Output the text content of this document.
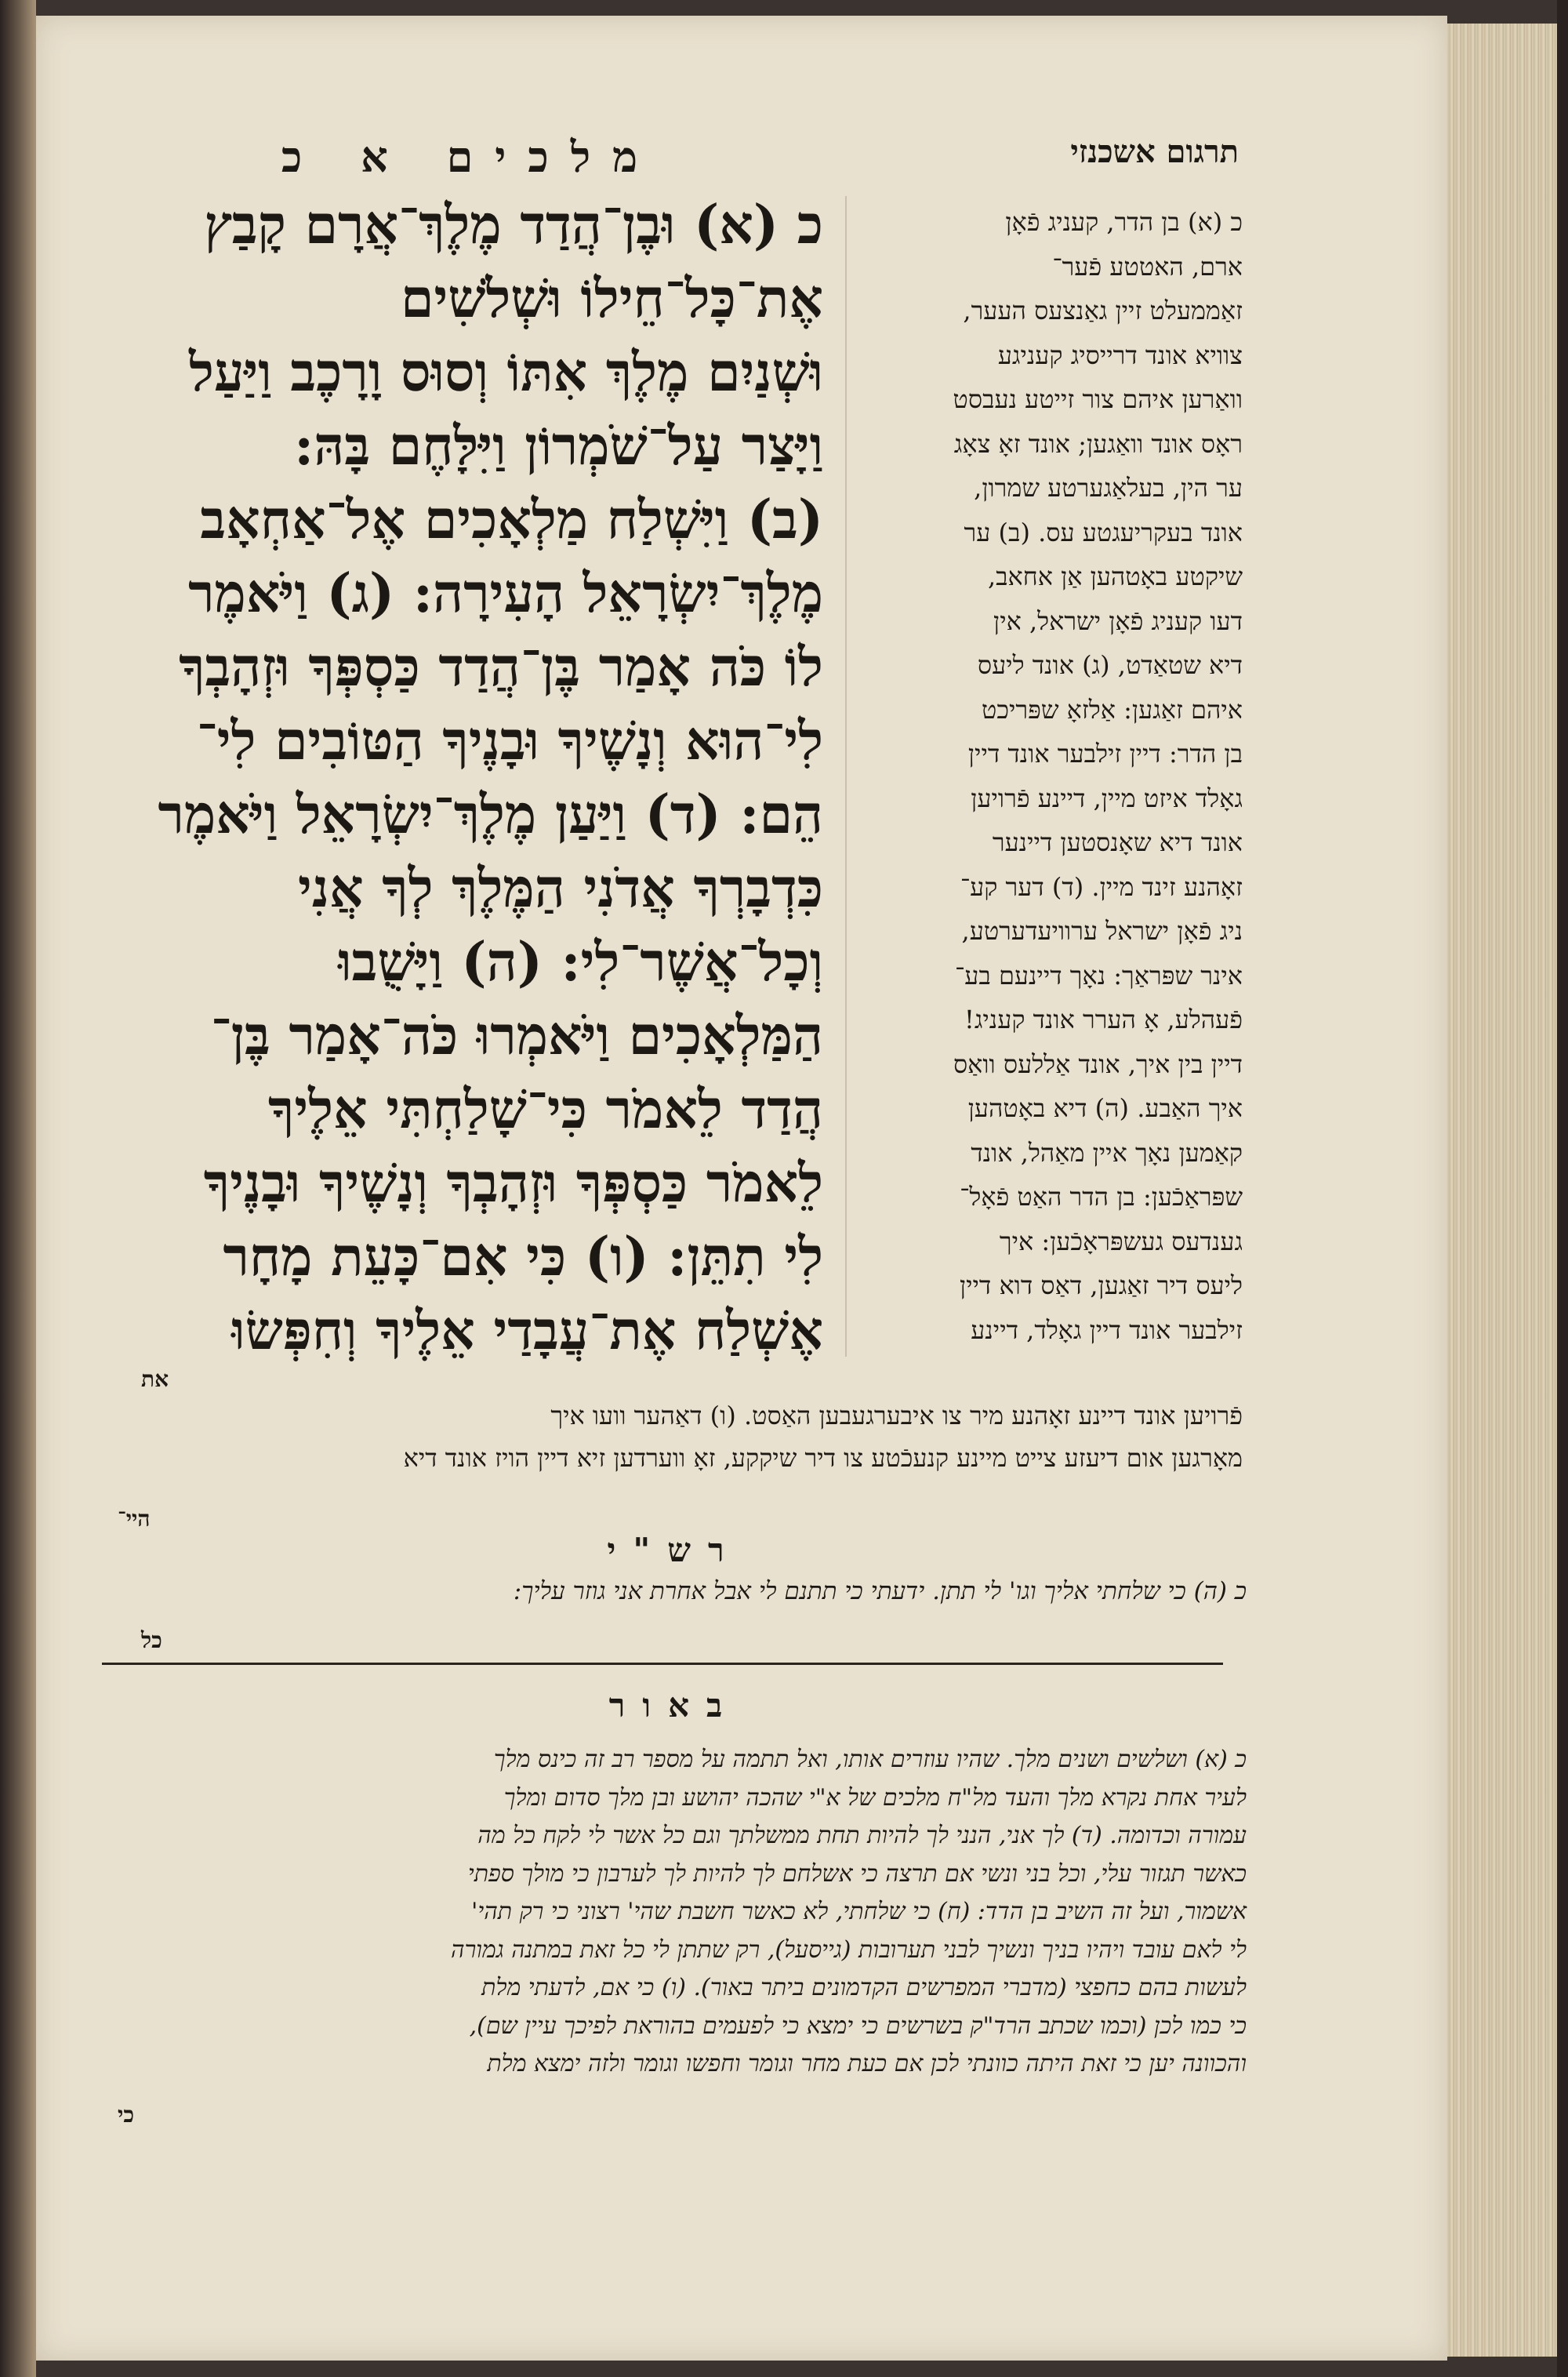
מלכים א כ	תרגום אשכנזי

כ (א) וּבֶן־הֲדַד מֶלֶךְ־אֲרָם קָבַץ

אֶת־כָּל־חֵילוֹ וּשְׁלֹשִׁים

וּשְׁנַיִם מֶלֶךְ אִתּוֹ וְסוּס וָרָכֶב וַיַּעַל

וַיָּצַר עַל־שֹׁמְרוֹן וַיִּלָּחֶם בָּהּ:

(ב) וַיִּשְׁלַח מַלְאָכִים אֶל־אַחְאָב

מֶלֶךְ־יִשְׂרָאֵל הָעִירָה: (ג) וַיֹּאמֶר

לוֹ כֹּה אָמַר בֶּן־הֲדַד כַּסְפְּךָ וּזְהָבְךָ

לִי־הוּא וְנָשֶׁיךָ וּבָנֶיךָ הַטּוֹבִים לִי־

הֵם: (ד) וַיַּעַן מֶלֶךְ־יִשְׂרָאֵל וַיֹּאמֶר

כִּדְבָרְךָ אֲדֹנִי הַמֶּלֶךְ לְךָ אֲנִי

וְכָל־אֲשֶׁר־לִי: (ה) וַיָּשֻׁבוּ

הַמַּלְאָכִים וַיֹּאמְרוּ כֹּה־אָמַר בֶּן־

הֲדַד לֵאמֹר כִּי־שָׁלַחְתִּי אֵלֶיךָ

לֵאמֹר כַּסְפְּךָ וּזְהָבְךָ וְנָשֶׁיךָ וּבָנֶיךָ

לִי תִתֵּן: (ו) כִּי אִם־כָּעֵת מָחָר

אֶשְׁלַח אֶת־עֲבָדַי אֵלֶיךָ וְחִפְּשׂוּ

את

כ (א) בן הדר, קעניג פֿאָן

ארם, האטטע פֿער־

זאַממעלט זיין גאַנצעס העער,

צוויא אונד דרייסיג קעניגע

וואַרען איהם צור זייטע נעבסט

ראָס אונד וואַגען; אונד זאָ צאָג

ער הין, בעלאַגערטע שמרון,

אונד בעקריעגטע עס. (ב) ער

שיקטע באָטהען אַן אחאב,

דעו קעניג פֿאָן ישראל, אין

דיא שטאַדט, (ג) אונד ליעס

איהם זאַגען: אַלזאָ שפּריכט

בן הדר: דיין זילבער אונד דיין

גאָלד איזט מיין, דיינע פֿרויען

אונד דיא שאָנסטען דיינער

זאָהנע זינד מיין. (ד) דער קע־

ניג פֿאָן ישראל ערוויעדערטע,

אינר שפּראַך: נאָך דיינעם בע־

פֿעהלע, אָ הערר אונד קעניג!

דיין בין איך, אונד אַללעס וואַס

איך האַבע. (ה) דיא באָטהען

קאַמען נאָך איין מאַהל, אונד

שפּראַכֿען: בן הדר האַט פֿאָל־

גענדעס געשפּראָכֿען: איך

ליעס דיר זאַגען, דאַס דוא דיין

זילבער אונד דיין גאָלד, דיינע

פֿרויען אונד דיינע זאָהנע מיר צו איבערגעבען האַסט. (ו) דאַהער וועו איך

מאָרגען אום דיעזע צייט מיינע קנעכֿטע צו דיר שיקקע, זאָ ווערדען זיא דיין הויז אונד דיא

היי־
רש"י

כ (ה) כי שלחתי אליך וגו' לי תתן. ידעתי כי תתנם לי אבל אחרת אני גוזר עליך:

כל
באור

כ (א) ושלשים ושנים מלך. שהיו עוזרים אותו, ואל תתמה על מספר רב זה כינס מלך

לעיר אחת נקרא מלך והעד מל"ח מלכים של א"י שהכה יהושע ובן מלך סדום ומלך

עמורה וכדומה. (ד) לך אני, הנני לך להיות תחת ממשלתך וגם כל אשר לי לקח כל מה

כאשר תגזור עלי, וכל בני ונשי אם תרצה כי אשלחם לך להיות לך לערבון כי מולך ספתי

אשמור, ועל זה השיב בן הדד: (ח) כי שלחתי, לא כאשר חשבת שהי' רצוני כי רק תהי'

לי לאם עובד ויהיו בניך ונשיך לבני תערובות (גייסעל), רק שתתן לי כל זאת במתנה גמורה

לעשות בהם כחפצי (מדברי המפרשים הקדמונים ביתר באור). (ו) כי אם, לדעתי מלת

כי כמו לכן (וכמו שכתב הרד"ק בשרשים כי ימצא כי לפעמים בהוראת לפיכך עיין שם),

והכוונה יען כי זאת היתה כוונתי לכן אם כעת מחר וגומר וחפשו וגומר ולזה ימצא מלת

כי
